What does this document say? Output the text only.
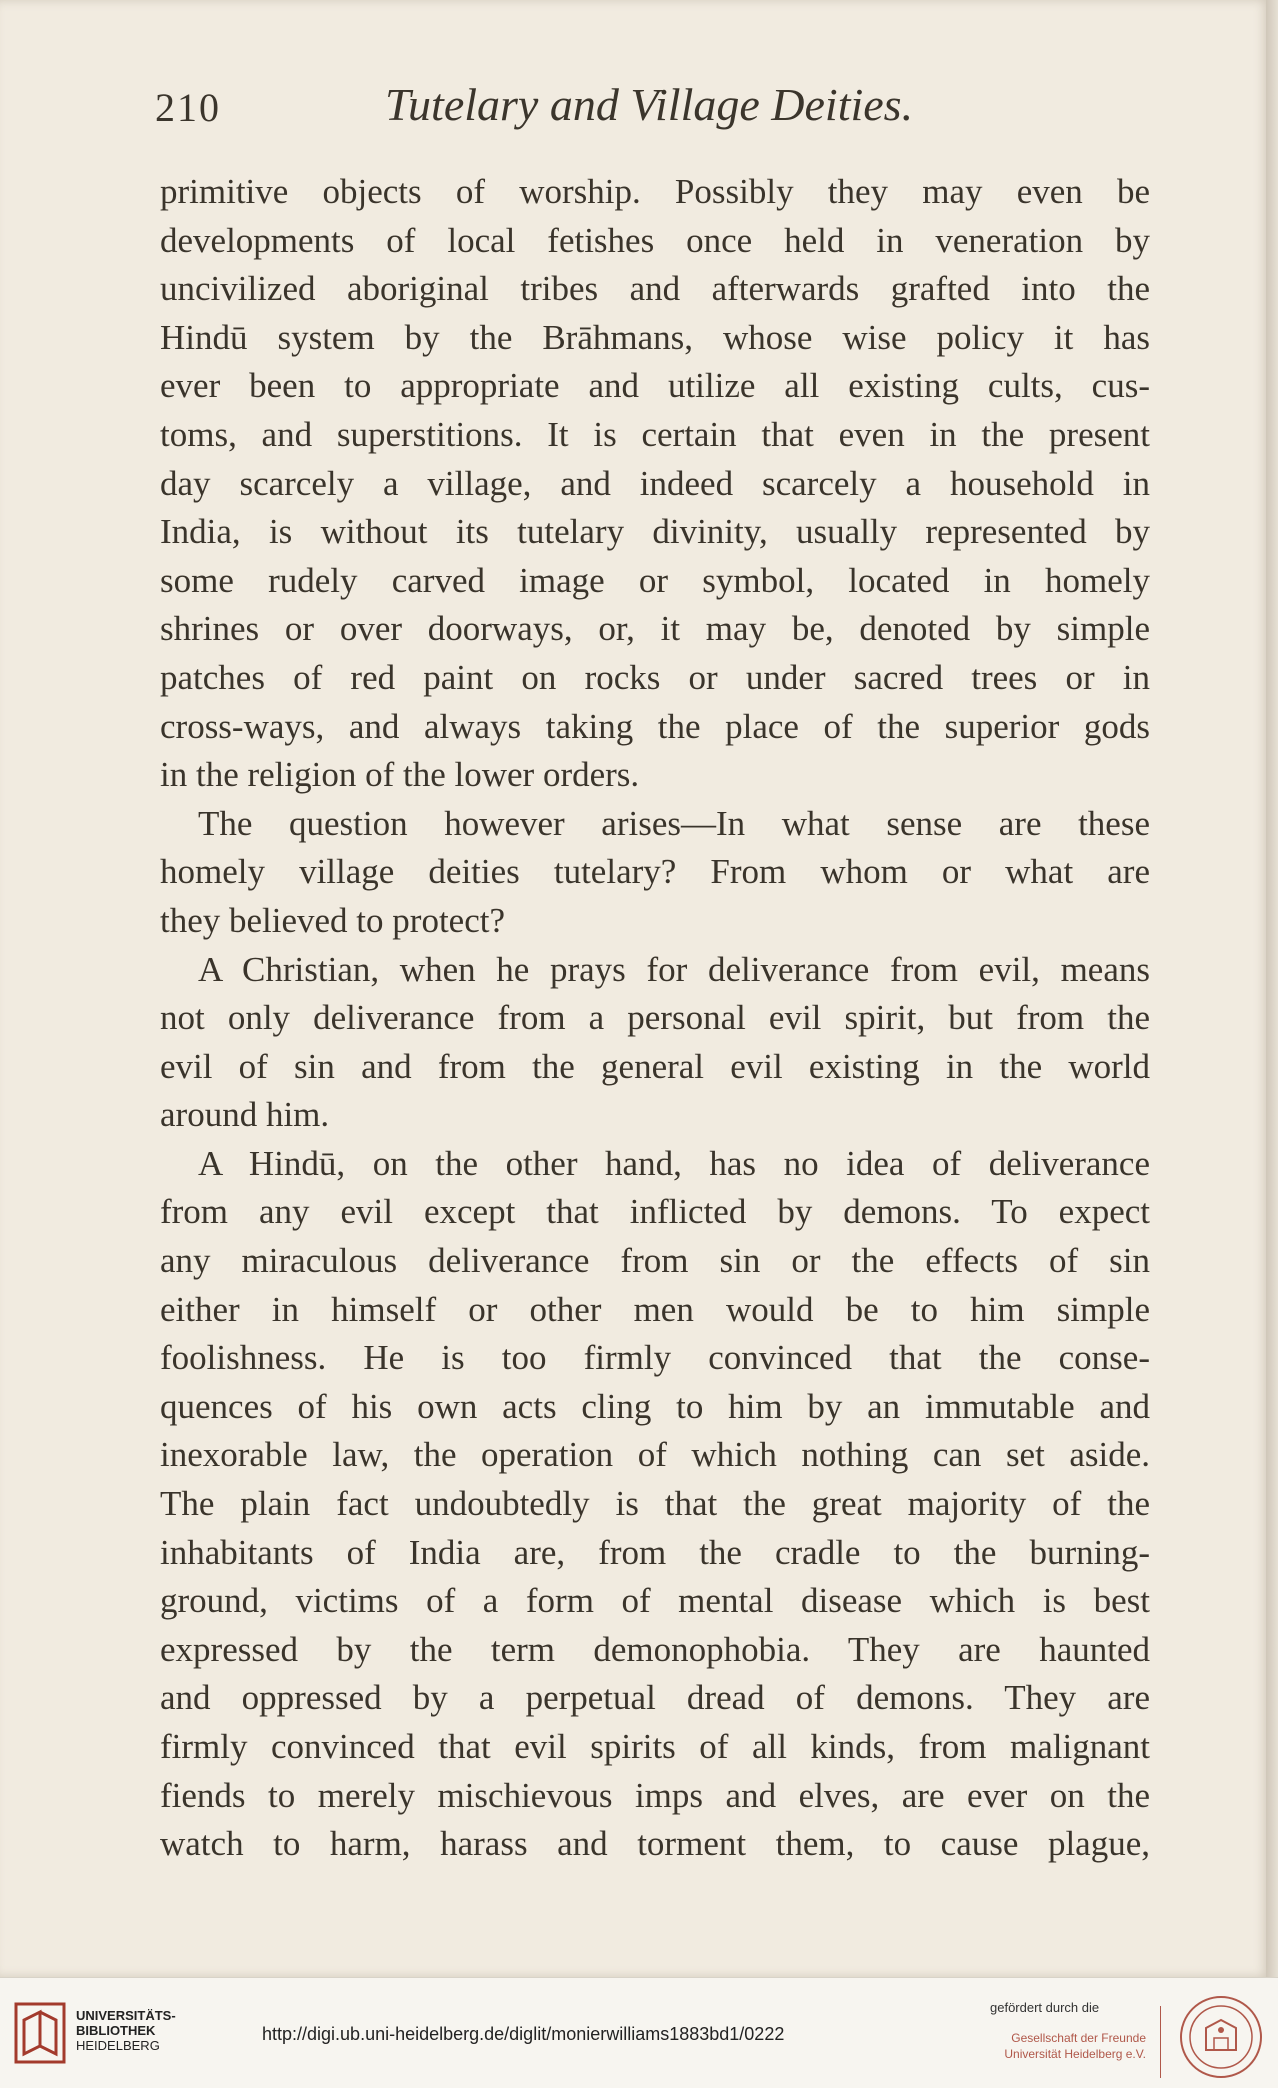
210	Tutelary and Village Deities.
primitive objects of worship. Possibly they may even be
developments of local fetishes once held in veneration by
uncivilized aboriginal tribes and afterwards grafted into the
Hindū system by the Brāhmans, whose wise policy it has
ever been to appropriate and utilize all existing cults, cus-
toms, and superstitions. It is certain that even in the present
day scarcely a village, and indeed scarcely a household in
India, is without its tutelary divinity, usually represented by
some rudely carved image or symbol, located in homely
shrines or over doorways, or, it may be, denoted by simple
patches of red paint on rocks or under sacred trees or in
cross-ways, and always taking the place of the superior gods
in the religion of the lower orders.
The question however arises—In what sense are these
homely village deities tutelary? From whom or what are
they believed to protect?
A Christian, when he prays for deliverance from evil, means
not only deliverance from a personal evil spirit, but from the
evil of sin and from the general evil existing in the world
around him.
A Hindū, on the other hand, has no idea of deliverance
from any evil except that inflicted by demons. To expect
any miraculous deliverance from sin or the effects of sin
either in himself or other men would be to him simple
foolishness. He is too firmly convinced that the conse-
quences of his own acts cling to him by an immutable and
inexorable law, the operation of which nothing can set aside.
The plain fact undoubtedly is that the great majority of the
inhabitants of India are, from the cradle to the burning-
ground, victims of a form of mental disease which is best
expressed by the term demonophobia. They are haunted
and oppressed by a perpetual dread of demons. They are
firmly convinced that evil spirits of all kinds, from malignant
fiends to merely mischievous imps and elves, are ever on the
watch to harm, harass and torment them, to cause plague,
UNIVERSITÄTS-
BIBLIOTHEK
HEIDELBERG
http://digi.ub.uni-heidelberg.de/diglit/monierwilliams1883bd1/0222
gefördert durch die
Gesellschaft der Freunde
Universität Heidelberg e.V.
